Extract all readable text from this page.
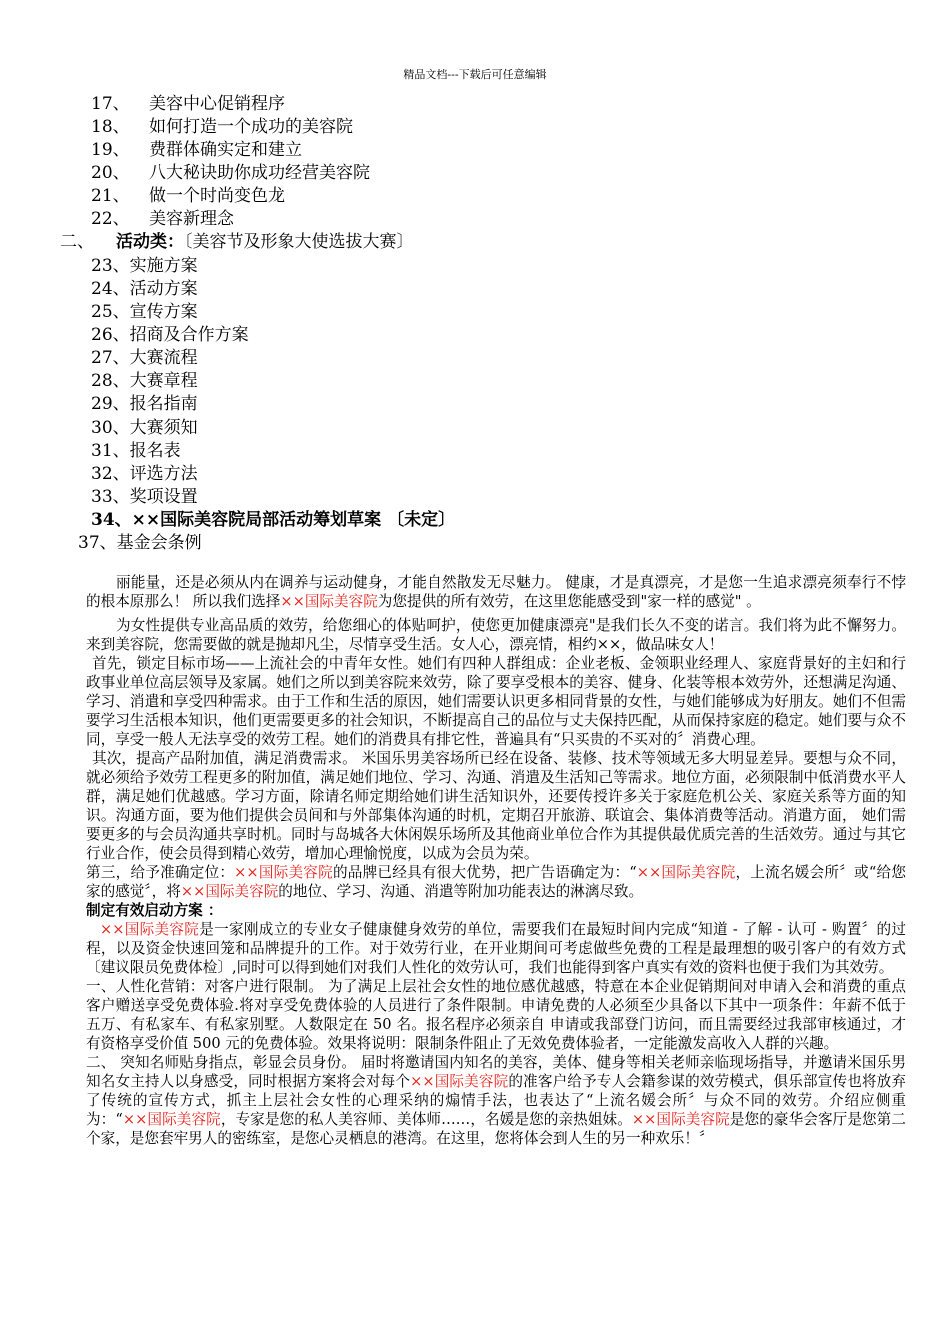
精品文档---下载后可任意编辑
17、 美容中心促销程序
18、 如何打造一个成功的美容院
19、 费群体确实定和建立
20、 八大秘诀助你成功经营美容院
21、 做一个时尚变色龙
22、 美容新理念
二、 活动类：〔美容节及形象大使选拔大赛〕
23、实施方案
24、活动方案
25、宣传方案
26、招商及合作方案
27、大赛流程
28、大赛章程
29、报名指南
30、大赛须知
31、报名表
32、评选方法
33、奖项设置
34、××国际美容院局部活动筹划草案 〔未定〕
37、基金会条例

丽能量，还是必须从内在调养与运动健身，才能自然散发无尽魅力。 健康，才是真漂亮，才是您一生追求漂亮须奉行不悖的根本原那么！ 所以我们选择××国际美容院为您提供的所有效劳，在这里您能感受到"家一样的感觉" 。

为女性提供专业高品质的效劳，给您细心的体贴呵护，使您更加健康漂亮"是我们长久不变的诺言。我们将为此不懈努力。来到美容院，您需要做的就是抛却凡尘，尽情享受生活。女人心，漂亮情，相约××，做品味女人！

首先，锁定目标市场——上流社会的中青年女性。她们有四种人群组成：企业老板、金领职业经理人、家庭背景好的主妇和行政事业单位高层领导及家属。她们之所以到美容院来效劳，除了要享受根本的美容、健身、化装等根本效劳外，还想满足沟通、学习、消遣和享受四种需求。由于工作和生活的原因，她们需要认识更多相同背景的女性，与她们能够成为好朋友。她们不但需要学习生活根本知识，他们更需要更多的社会知识，不断提高自己的品位与丈夫保持匹配，从而保持家庭的稳定。她们要与众不同，享受一般人无法享受的效劳工程。她们的消费具有排它性，普遍具有“只买贵的不买对的〞消费心理。

其次，提高产品附加值，满足消费需求。 米国乐男美容场所已经在设备、装修、技术等领域无多大明显差异。要想与众不同，就必须给予效劳工程更多的附加值，满足她们地位、学习、沟通、消遣及生活知己等需求。地位方面，必须限制中低消费水平人群，满足她们优越感。学习方面，除请名师定期给她们讲生活知识外，还要传授许多关于家庭危机公关、家庭关系等方面的知识。沟通方面，要为他们提供会员间和与外部集体沟通的时机，定期召开旅游、联谊会、集体消费等活动。消遣方面， 她们需要更多的与会员沟通共享时机。同时与岛城各大休闲娱乐场所及其他商业单位合作为其提供最优质完善的生活效劳。通过与其它行业合作，使会员得到精心效劳，增加心理愉悦度，以成为会员为荣。

第三，给予准确定位：××国际美容院的品牌已经具有很大优势，把广告语确定为：“××国际美容院，上流名媛会所〞或“给您家的感觉〞，将××国际美容院的地位、学习、沟通、消遣等附加功能表达的淋漓尽致。

制定有效启动方案 ：

××国际美容院是一家刚成立的专业女子健康健身效劳的单位，需要我们在最短时间内完成“知道 - 了解 - 认可 - 购置〞的过程，以及资金快速回笼和品牌提升的工作。对于效劳行业，在开业期间可考虑做些免费的工程是最理想的吸引客户的有效方式〔建议限员免费体检〕,同时可以得到她们对我们人性化的效劳认可，我们也能得到客户真实有效的资料也便于我们为其效劳。

一、人性化营销：对客户进行限制。 为了满足上层社会女性的地位感优越感，特意在本企业促销期间对申请入会和消费的重点客户赠送享受免费体验.将对享受免费体验的人员进行了条件限制。申请免费的人必须至少具备以下其中一项条件：年薪不低于五万、有私家车、有私家别墅。人数限定在 50 名。报名程序必须亲自 申请或我部登门访问，而且需要经过我部审核通过，才有资格享受价值 500 元的免费体验。效果将说明：限制条件阻止了无效免费体验者，一定能激发高收入人群的兴趣。

二、 突知名师贴身指点，彰显会员身份。 届时将邀请国内知名的美容，美体、健身等相关老师亲临现场指导，并邀请米国乐男知名女主持人以身感受，同时根据方案将会对每个××国际美容院的准客户给予专人会籍参谋的效劳模式，俱乐部宣传也将放弃了传统的宣传方式，抓主上层社会女性的心理采纳的煽情手法，也表达了“上流名媛会所〞与众不同的效劳。介绍应侧重为：“××国际美容院，专家是您的私人美容师、美体师……，名媛是您的亲热姐妹。××国际美容院是您的豪华会客厅是您第二个家，是您套牢男人的密练室，是您心灵栖息的港湾。在这里，您将体会到人生的另一种欢乐！〞
